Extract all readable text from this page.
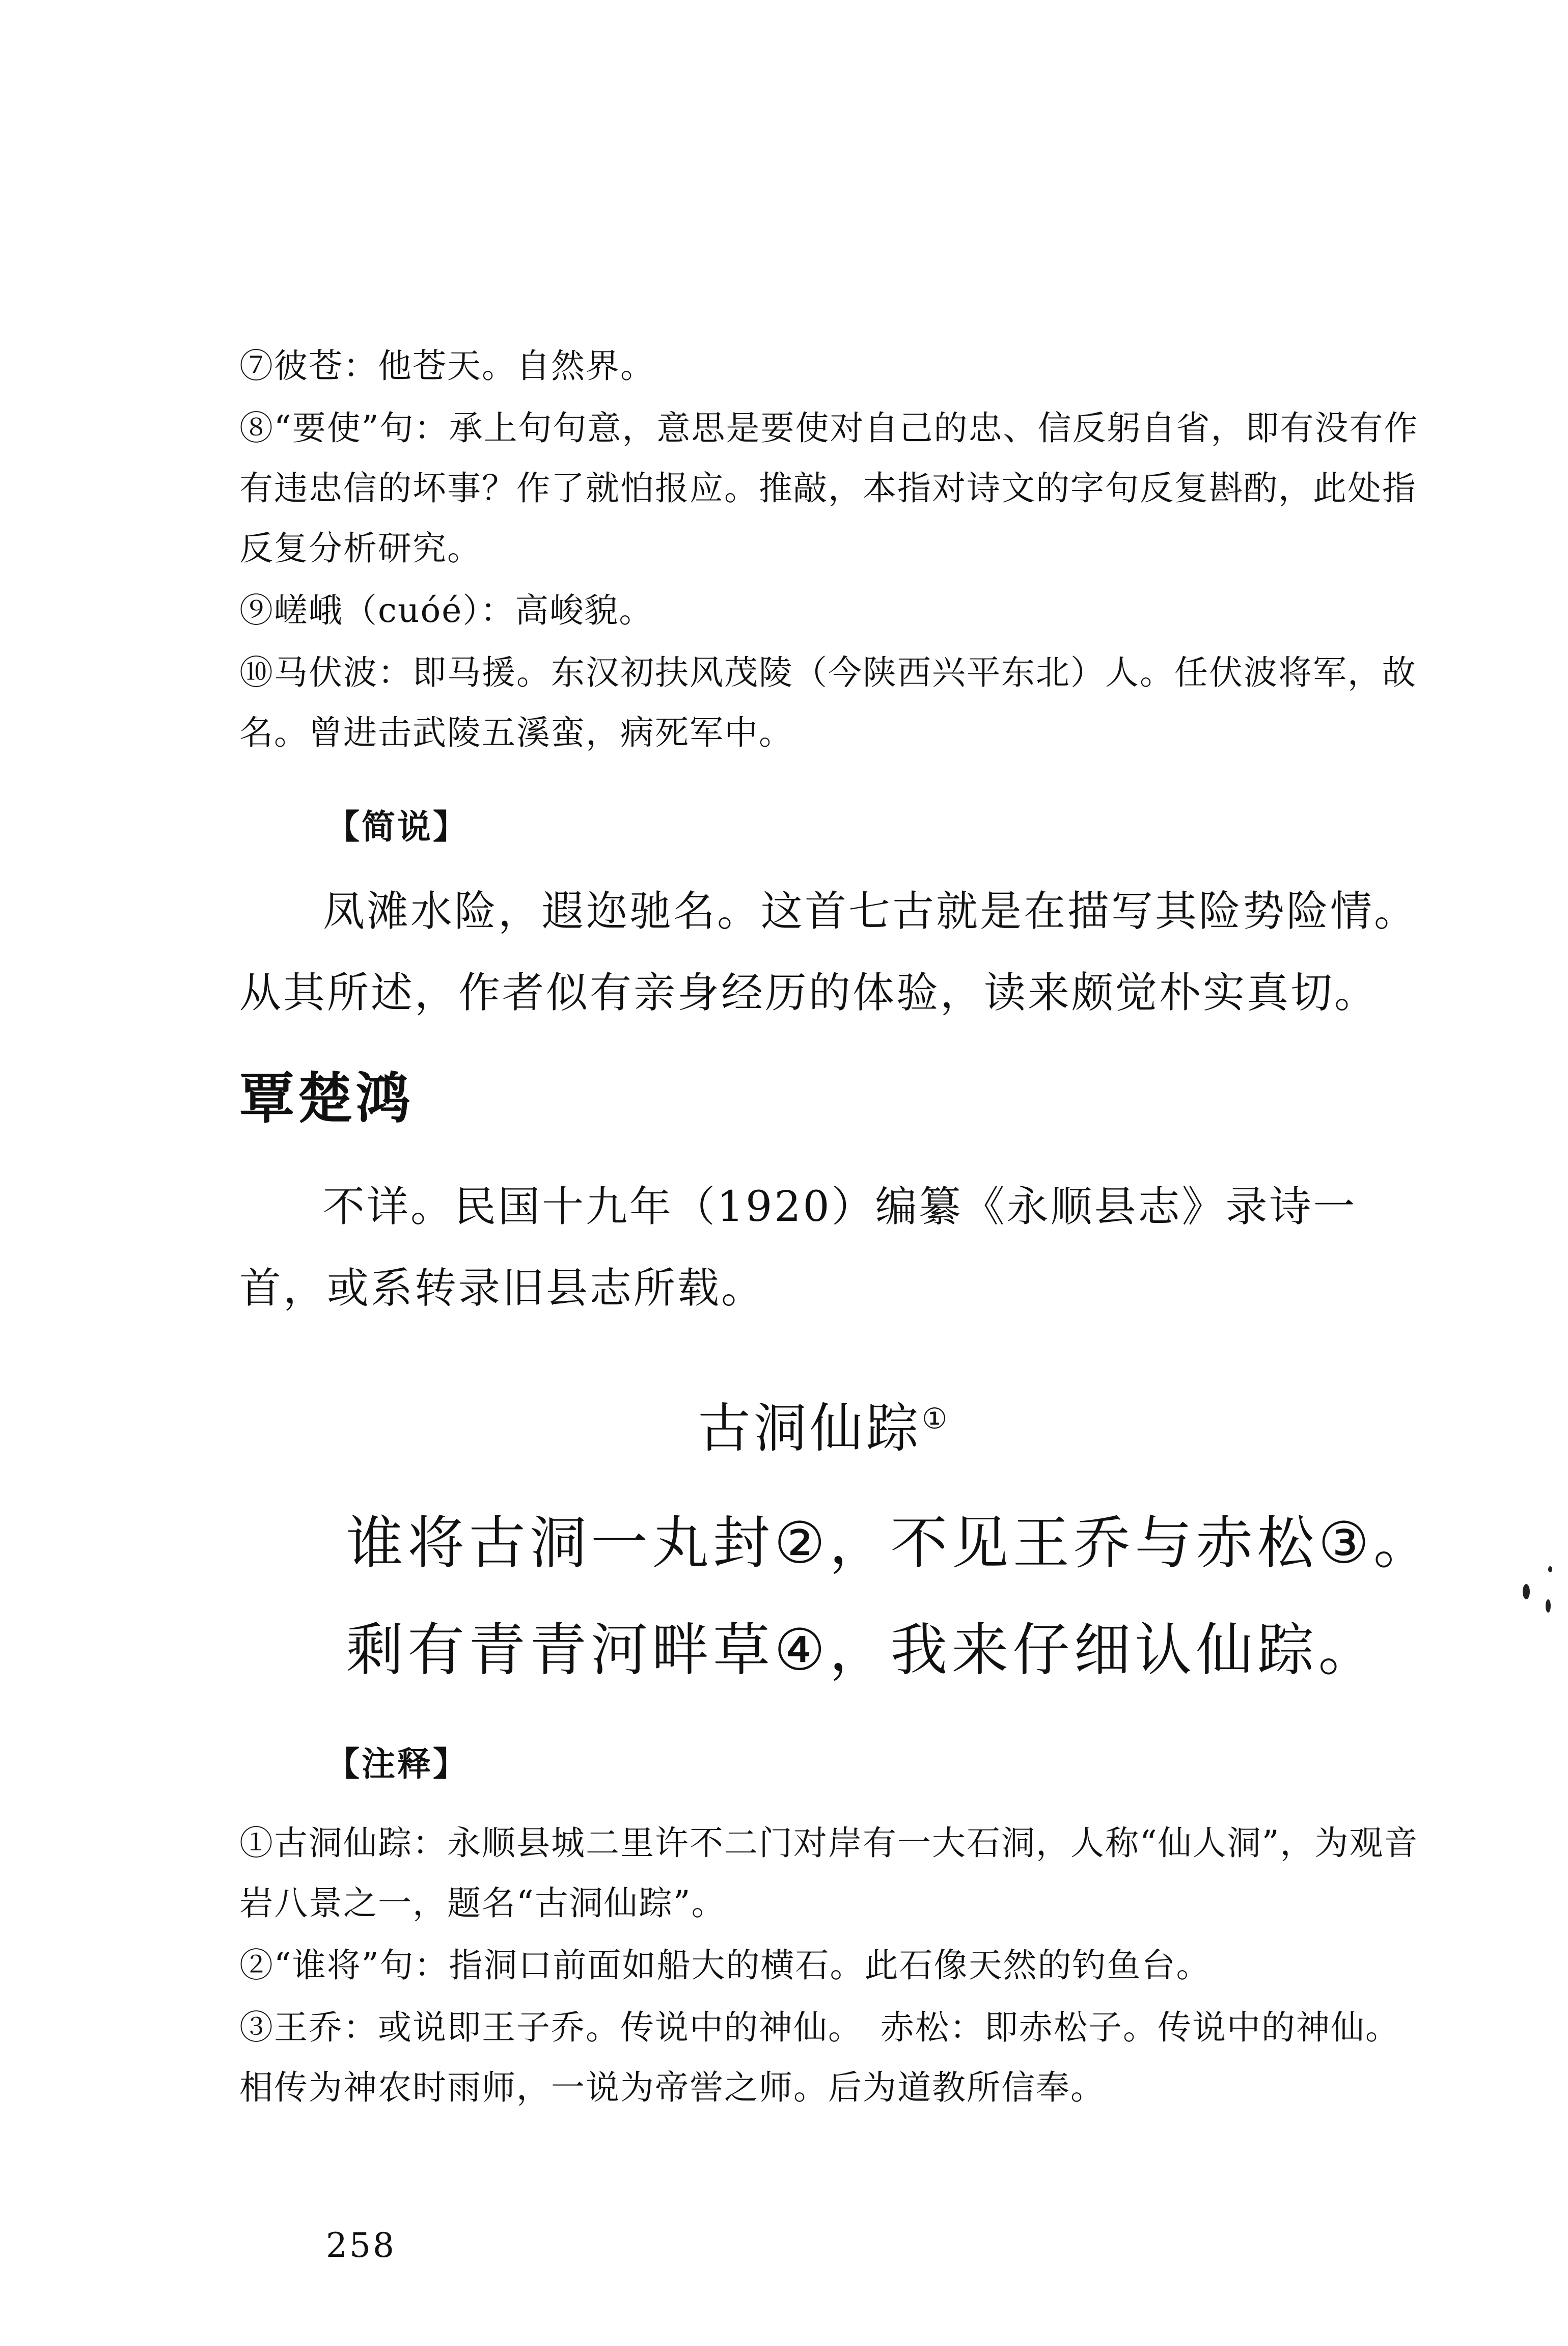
⑦彼苍：他苍天。自然界。

⑧“要使”句：承上句句意，意思是要使对自己的忠、信反躬自省，即有没有作有违忠信的坏事？作了就怕报应。推敲，本指对诗文的字句反复斟酌，此处指反复分析研究。

⑨嵯峨（cuóé）：高峻貌。

⑩马伏波：即马援。东汉初扶风茂陵（今陕西兴平东北）人。任伏波将军，故名。曾进击武陵五溪蛮，病死军中。

【简说】

凤滩水险，遐迩驰名。这首七古就是在描写其险势险情。从其所述，作者似有亲身经历的体验，读来颇觉朴实真切。

覃楚鸿

不详。民国十九年（1920）编纂《永顺县志》录诗一首，或系转录旧县志所载。

古洞仙踪①
谁将古洞一丸封②，不见王乔与赤松③。
剩有青青河畔草④，我来仔细认仙踪。
【注释】

①古洞仙踪：永顺县城二里许不二门对岸有一大石洞，人称“仙人洞”，为观音岩八景之一，题名“古洞仙踪”。

②“谁将”句：指洞口前面如船大的横石。此石像天然的钓鱼台。

③王乔：或说即王子乔。传说中的神仙。　赤松：即赤松子。传说中的神仙。相传为神农时雨师，一说为帝喾之师。后为道教所信奉。

258
